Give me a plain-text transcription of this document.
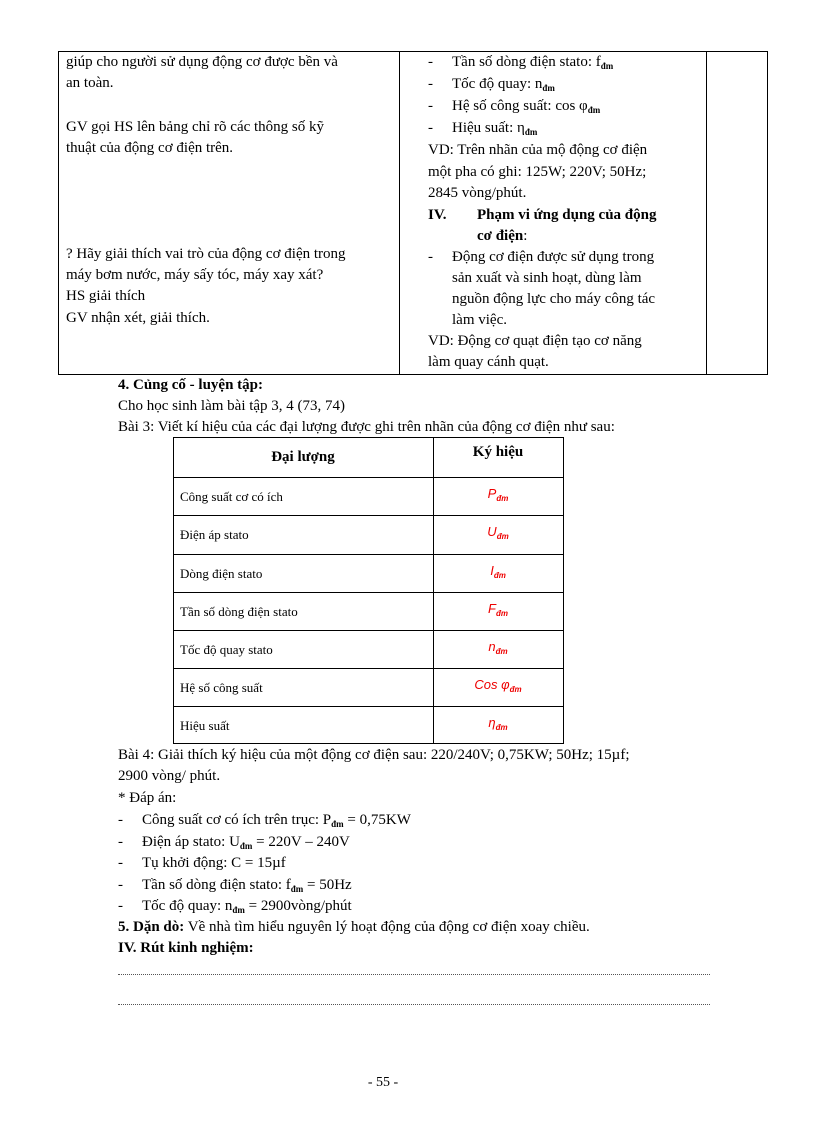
giúp cho người sử dụng động cơ được bền và
an toàn.
GV gọi HS lên bảng chỉ rõ các thông số kỹ
thuật của động cơ điện trên.
? Hãy giải thích vai trò của động cơ điện trong
máy bơm nước, máy sấy tóc, máy xay xát?
HS giải thích
GV nhận xét, giải thích.
- Tần số dòng điện stato: $f_{đm}$
- Tốc độ quay: $n_{đm}$
- Hệ số công suất: $\cos \varphi_{đm}$
- Hiệu suất: $\eta_{đm}$
VD: Trên nhãn của mộ động cơ điện
một pha có ghi: 125W; 220V; 50Hz;
2845 vòng/phút.
IV. Phạm vi ứng dụng của động
cơ điện:
- Động cơ điện được sử dụng trong
sản xuất và sinh hoạt, dùng làm
nguồn động lực cho máy công tác
làm việc.
VD: Động cơ quạt điện tạo cơ năng
làm quay cánh quạt.
4. Củng cố - luyện tập:
Cho học sinh làm bài tập 3, 4 (73, 74)
Bài 3: Viết kí hiệu của các đại lượng được ghi trên nhãn của động cơ điện như sau:
Đại lượng	Ký hiệu
Công suất cơ có ích	$P_{đm}$
Điện áp stato	$U_{đm}$
Dòng điện stato	$I_{đm}$
Tần số dòng điện stato	$F_{đm}$
Tốc độ quay stato	$n_{đm}$
Hệ số công suất	Cos $\varphi_{đm}$
Hiệu suất	$\eta_{đm}$
Bài 4: Giải thích ký hiệu của một động cơ điện sau: 220/240V; 0,75KW; 50Hz; 15µf;
2900 vòng/ phút.
* Đáp án:
- Công suất cơ có ích trên trục: $P_{đm} = 0,75KW$
- Điện áp stato: $U_{đm} = 220V - 240V$
- Tụ khởi động: C = 15µf
- Tần số dòng điện stato: $f_{đm} = 50Hz$
- Tốc độ quay: $n_{đm}$ = 2900vòng/phút
5. Dặn dò: Về nhà tìm hiểu nguyên lý hoạt động của động cơ điện xoay chiều.
IV. Rút kinh nghiệm:
- 55 -
